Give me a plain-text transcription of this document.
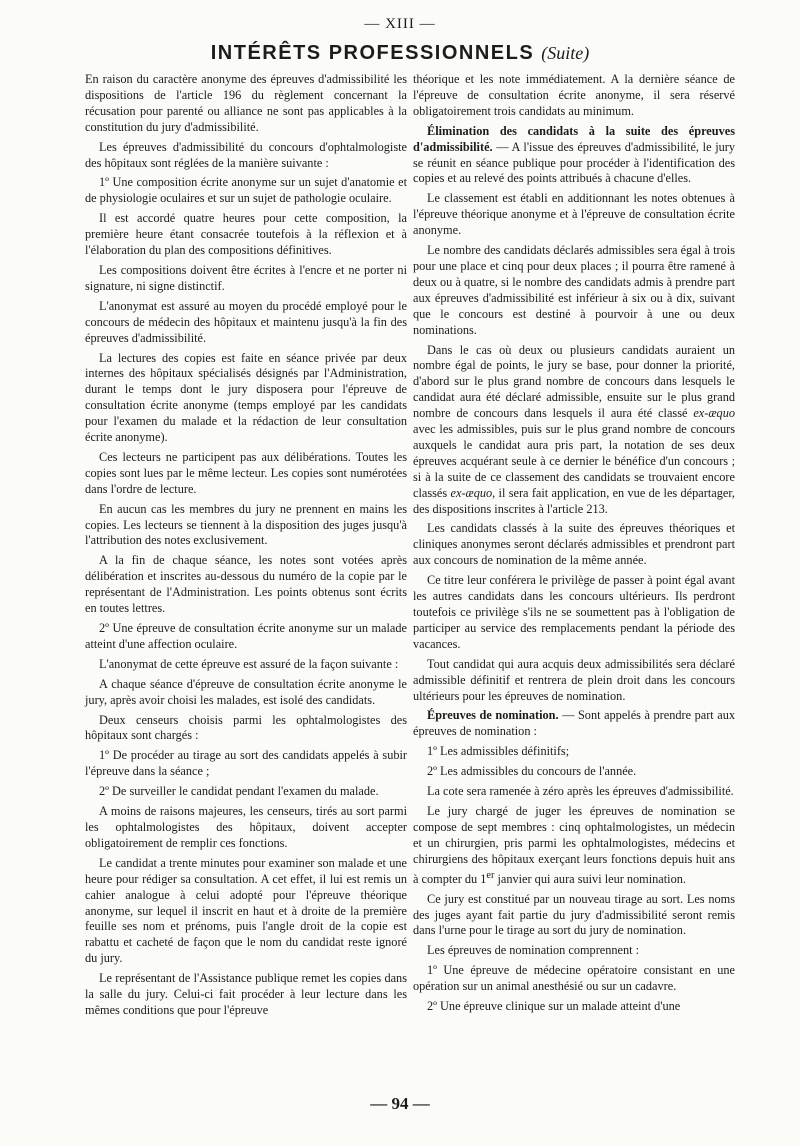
— XIII —
INTÉRÊTS PROFESSIONNELS (Suite)

En raison du caractère anonyme des épreuves d'admissibilité les dispositions de l'article 196 du règlement concernant la récusation pour parenté ou alliance ne sont pas applicables à la constitution du jury d'admissibilité.

Les épreuves d'admissibilité du concours d'ophtalmologiste des hôpitaux sont réglées de la manière suivante :

1º Une composition écrite anonyme sur un sujet d'anatomie et de physiologie oculaires et sur un sujet de pathologie oculaire.

Il est accordé quatre heures pour cette composition, la première heure étant consacrée toutefois à la réflexion et à l'élaboration du plan des compositions définitives.

Les compositions doivent être écrites à l'encre et ne porter ni signature, ni signe distinctif.

L'anonymat est assuré au moyen du procédé employé pour le concours de médecin des hôpitaux et maintenu jusqu'à la fin des épreuves d'admissibilité.

La lectures des copies est faite en séance privée par deux internes des hôpitaux spécialisés désignés par l'Administration, durant le temps dont le jury disposera pour l'épreuve de consultation écrite anonyme (temps employé par les candidats pour l'examen du malade et la rédaction de leur consultation écrite anonyme).

Ces lecteurs ne participent pas aux délibérations. Toutes les copies sont lues par le même lecteur. Les copies sont numérotées dans l'ordre de lecture.

En aucun cas les membres du jury ne prennent en mains les copies. Les lecteurs se tiennent à la disposition des juges jusqu'à l'attribution des notes exclusivement.

A la fin de chaque séance, les notes sont votées après délibération et inscrites au-dessous du numéro de la copie par le représentant de l'Administration. Les points obtenus sont écrits en toutes lettres.

2º Une épreuve de consultation écrite anonyme sur un malade atteint d'une affection oculaire.

L'anonymat de cette épreuve est assuré de la façon suivante :

A chaque séance d'épreuve de consultation écrite anonyme le jury, après avoir choisi les malades, est isolé des candidats.

Deux censeurs choisis parmi les ophtalmologistes des hôpitaux sont chargés :

1º De procéder au tirage au sort des candidats appelés à subir l'épreuve dans la séance ;

2º De surveiller le candidat pendant l'examen du malade.

A moins de raisons majeures, les censeurs, tirés au sort parmi les ophtalmologistes des hôpitaux, doivent accepter obligatoirement de remplir ces fonctions.

Le candidat a trente minutes pour examiner son malade et une heure pour rédiger sa consultation. A cet effet, il lui est remis un cahier analogue à celui adopté pour l'épreuve théorique anonyme, sur lequel il inscrit en haut et à droite de la première feuille ses nom et prénoms, puis l'angle droit de la copie est rabattu et cacheté de façon que le nom du candidat reste ignoré du jury.

Le représentant de l'Assistance publique remet les copies dans la salle du jury. Celui-ci fait procéder à leur lecture dans les mêmes conditions que pour l'épreuve

théorique et les note immédiatement. A la dernière séance de l'épreuve de consultation écrite anonyme, il sera réservé obligatoirement trois candidats au minimum.

Élimination des candidats à la suite des épreuves d'admissibilité. — A l'issue des épreuves d'admissibilité, le jury se réunit en séance publique pour procéder à l'identification des copies et au relevé des points attribués à chacune d'elles.

Le classement est établi en additionnant les notes obtenues à l'épreuve théorique anonyme et à l'épreuve de consultation écrite anonyme.

Le nombre des candidats déclarés admissibles sera égal à trois pour une place et cinq pour deux places ; il pourra être ramené à deux ou à quatre, si le nombre des candidats admis à prendre part aux épreuves d'admissibilité est inférieur à six ou à dix, suivant que le concours est destiné à pourvoir à une ou deux nominations.

Dans le cas où deux ou plusieurs candidats auraient un nombre égal de points, le jury se base, pour donner la priorité, d'abord sur le plus grand nombre de concours dans lesquels le candidat aura été déclaré admissible, ensuite sur le plus grand nombre de concours dans lesquels il aura été classé ex-æquo avec les admissibles, puis sur le plus grand nombre de concours auxquels le candidat aura pris part, la notation de ses deux épreuves acquérant seule à ce dernier le bénéfice d'un concours ; si à la suite de ce classement des candidats se trouvaient encore classés ex-æquo, il sera fait application, en vue de les départager, des dispositions inscrites à l'article 213.

Les candidats classés à la suite des épreuves théoriques et cliniques anonymes seront déclarés admissibles et prendront part aux concours de nomination de la même année.

Ce titre leur conférera le privilège de passer à point égal avant les autres candidats dans les concours ultérieurs. Ils perdront toutefois ce privilège s'ils ne se soumettent pas à l'obligation de participer au service des remplacements pendant la période des vacances.

Tout candidat qui aura acquis deux admissibilités sera déclaré admissible définitif et rentrera de plein droit dans les concours ultérieurs pour les épreuves de nomination.

Épreuves de nomination. — Sont appelés à prendre part aux épreuves de nomination :

1º Les admissibles définitifs;

2º Les admissibles du concours de l'année.

La cote sera ramenée à zéro après les épreuves d'admissibilité.

Le jury chargé de juger les épreuves de nomination se compose de sept membres : cinq ophtalmologistes, un médecin et un chirurgien, pris parmi les ophtalmologistes, médecins et chirurgiens des hôpitaux exerçant leurs fonctions depuis huit ans à compter du 1er janvier qui aura suivi leur nomination.

Ce jury est constitué par un nouveau tirage au sort. Les noms des juges ayant fait partie du jury d'admissibilité seront remis dans l'urne pour le tirage au sort du jury de nomination.

Les épreuves de nomination comprennent :

1º Une épreuve de médecine opératoire consistant en une opération sur un animal anesthésié ou sur un cadavre.

2º Une épreuve clinique sur un malade atteint d'une

— 94 —
